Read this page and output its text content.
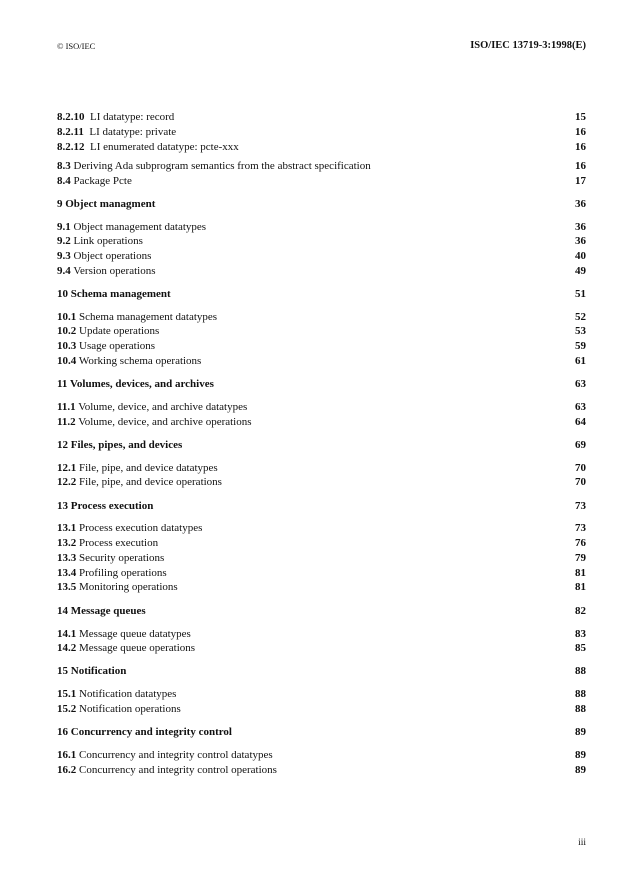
© ISO/IEC	ISO/IEC 13719-3:1998(E)
8.2.10 LI datatype: record	15
8.2.11 LI datatype: private	16
8.2.12 LI enumerated datatype: pcte-xxx	16
8.3 Deriving Ada subprogram semantics from the abstract specification	16
8.4 Package Pcte	17
9 Object managment	36
9.1 Object management datatypes	36
9.2 Link operations	36
9.3 Object operations	40
9.4 Version operations	49
10 Schema management	51
10.1 Schema management datatypes	52
10.2 Update operations	53
10.3 Usage operations	59
10.4 Working schema operations	61
11 Volumes, devices, and archives	63
11.1 Volume, device, and archive datatypes	63
11.2 Volume, device, and archive operations	64
12 Files, pipes, and devices	69
12.1 File, pipe, and device datatypes	70
12.2 File, pipe, and device operations	70
13 Process execution	73
13.1 Process execution datatypes	73
13.2 Process execution	76
13.3 Security operations	79
13.4 Profiling operations	81
13.5 Monitoring operations	81
14 Message queues	82
14.1 Message queue datatypes	83
14.2 Message queue operations	85
15 Notification	88
15.1 Notification datatypes	88
15.2 Notification operations	88
16 Concurrency and integrity control	89
16.1 Concurrency and integrity control datatypes	89
16.2 Concurrency and integrity control operations	89
iii
